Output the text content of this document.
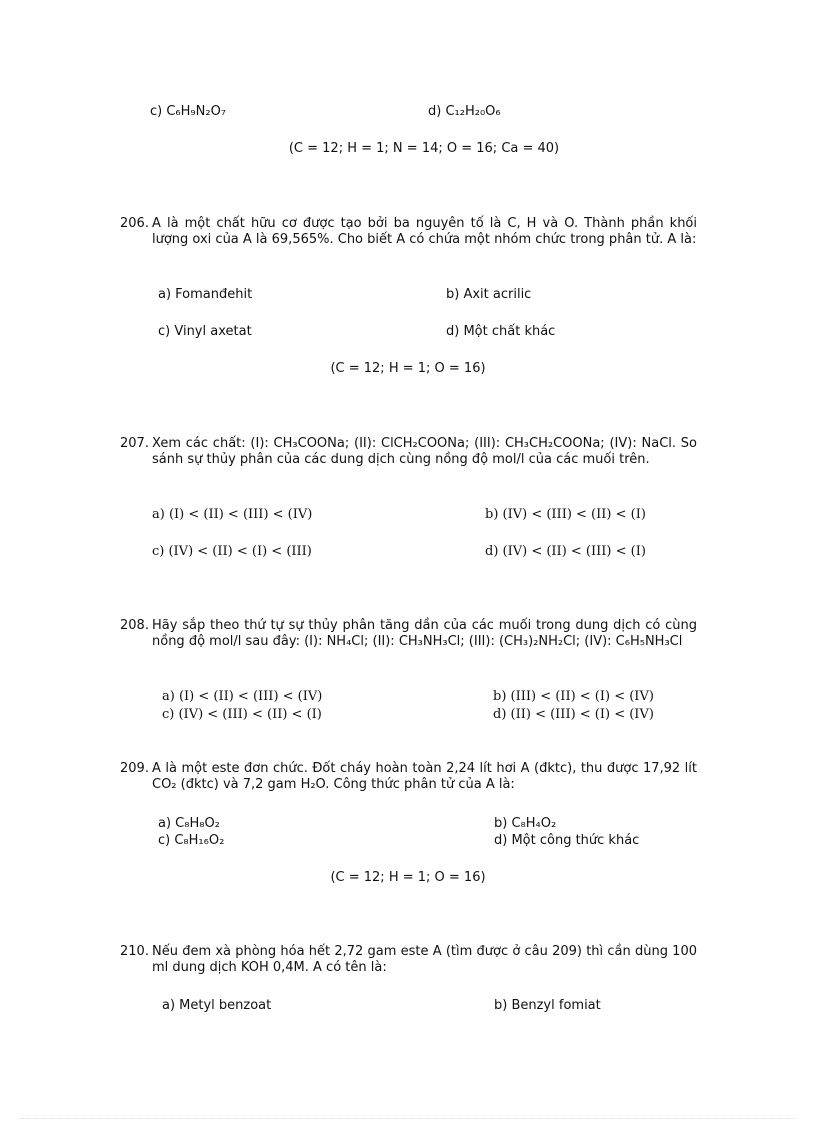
c) C₆H₉N₂O₇	d) C₁₂H₂₀O₆
(C = 12; H = 1; N = 14; O = 16; Ca = 40)
206. A là một chất hữu cơ được tạo bởi ba nguyên tố là C, H và O. Thành phần khối lượng oxi của A là 69,565%. Cho biết A có chứa một nhóm chức trong phân tử. A là:
a) Fomanđehit	b) Axit acrilic
c) Vinyl axetat	d) Một chất khác
(C = 12; H = 1; O = 16)
207. Xem các chất: (I): CH₃COONa; (II): ClCH₂COONa; (III): CH₃CH₂COONa; (IV): NaCl. So sánh sự thủy phân của các dung dịch cùng nồng độ mol/l của các muối trên.
a) (I) < (II) < (III) < (IV)	b) (IV) < (III) < (II) < (I)
c) (IV) < (II) < (I) < (III)	d) (IV) < (II) < (III) < (I)
208. Hãy sắp theo thứ tự sự thủy phân tăng dần của các muối trong dung dịch có cùng nồng độ mol/l sau đây: (I): NH₄Cl; (II): CH₃NH₃Cl; (III): (CH₃)₂NH₂Cl; (IV): C₆H₅NH₃Cl
a) (I) < (II) < (III) < (IV)	b) (III) < (II) < (I) < (IV)
c) (IV) < (III) < (II) < (I)	d) (II) < (III) < (I) < (IV)
209. A là một este đơn chức. Đốt cháy hoàn toàn 2,24 lít hơi A (đktc), thu được 17,92 lít CO₂ (đktc) và 7,2 gam H₂O. Công thức phân tử của A là:
a) C₈H₈O₂	b) C₈H₄O₂
c) C₈H₁₆O₂	d) Một công thức khác
(C = 12; H = 1; O = 16)
210. Nếu đem xà phòng hóa hết 2,72 gam este A (tìm được ở câu 209) thì cần dùng 100 ml dung dịch KOH 0,4M. A có tên là:
a) Metyl benzoat	b) Benzyl fomiat
